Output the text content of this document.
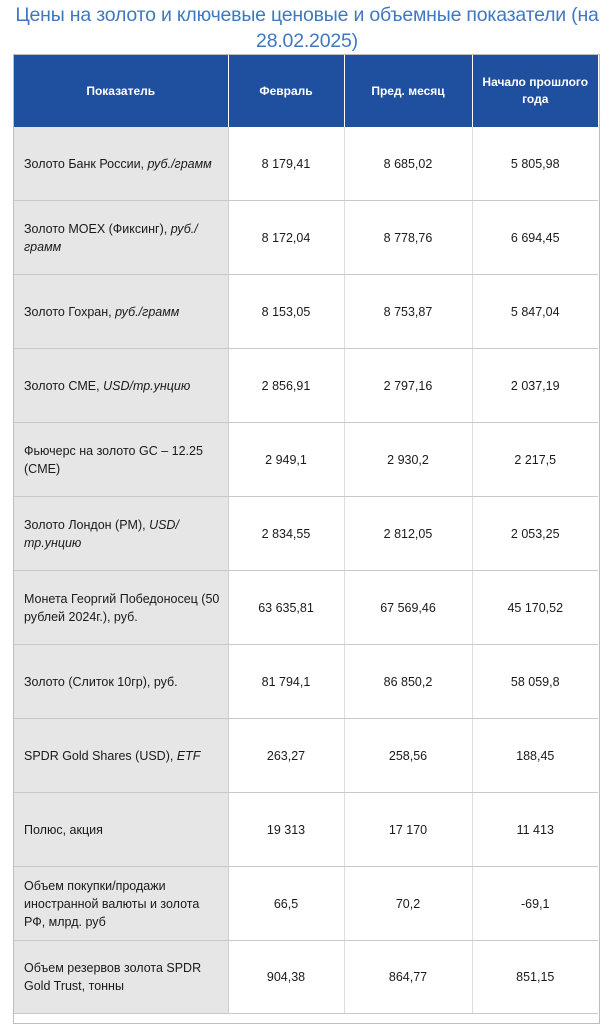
Цены на золото и ключевые ценовые и объемные показатели (на 28.02.2025)
Показатель	Февраль	Пред. месяц	Начало прошлого года
Золото Банк России, руб./грамм	8 179,41	8 685,02	5 805,98
Золото MOEX (Фиксинг), руб./грамм	8 172,04	8 778,76	6 694,45
Золото Гохран, руб./грамм	8 153,05	8 753,87	5 847,04
Золото CME, USD/тр.унцию	2 856,91	2 797,16	2 037,19
Фьючерс на золото GC – 12.25 (CME)	2 949,1	2 930,2	2 217,5
Золото Лондон (PM), USD/тр.унцию	2 834,55	2 812,05	2 053,25
Монета Георгий Победоносец (50 рублей 2024г.), руб.	63 635,81	67 569,46	45 170,52
Золото (Слиток 10гр), руб.	81 794,1	86 850,2	58 059,8
SPDR Gold Shares (USD), ETF	263,27	258,56	188,45
Полюс, акция	19 313	17 170	11 413
Объем покупки/продажи иностранной валюты и золота РФ, млрд. руб	66,5	70,2	-69,1
Объем резервов золота SPDR Gold Trust, тонны	904,38	864,77	851,15
